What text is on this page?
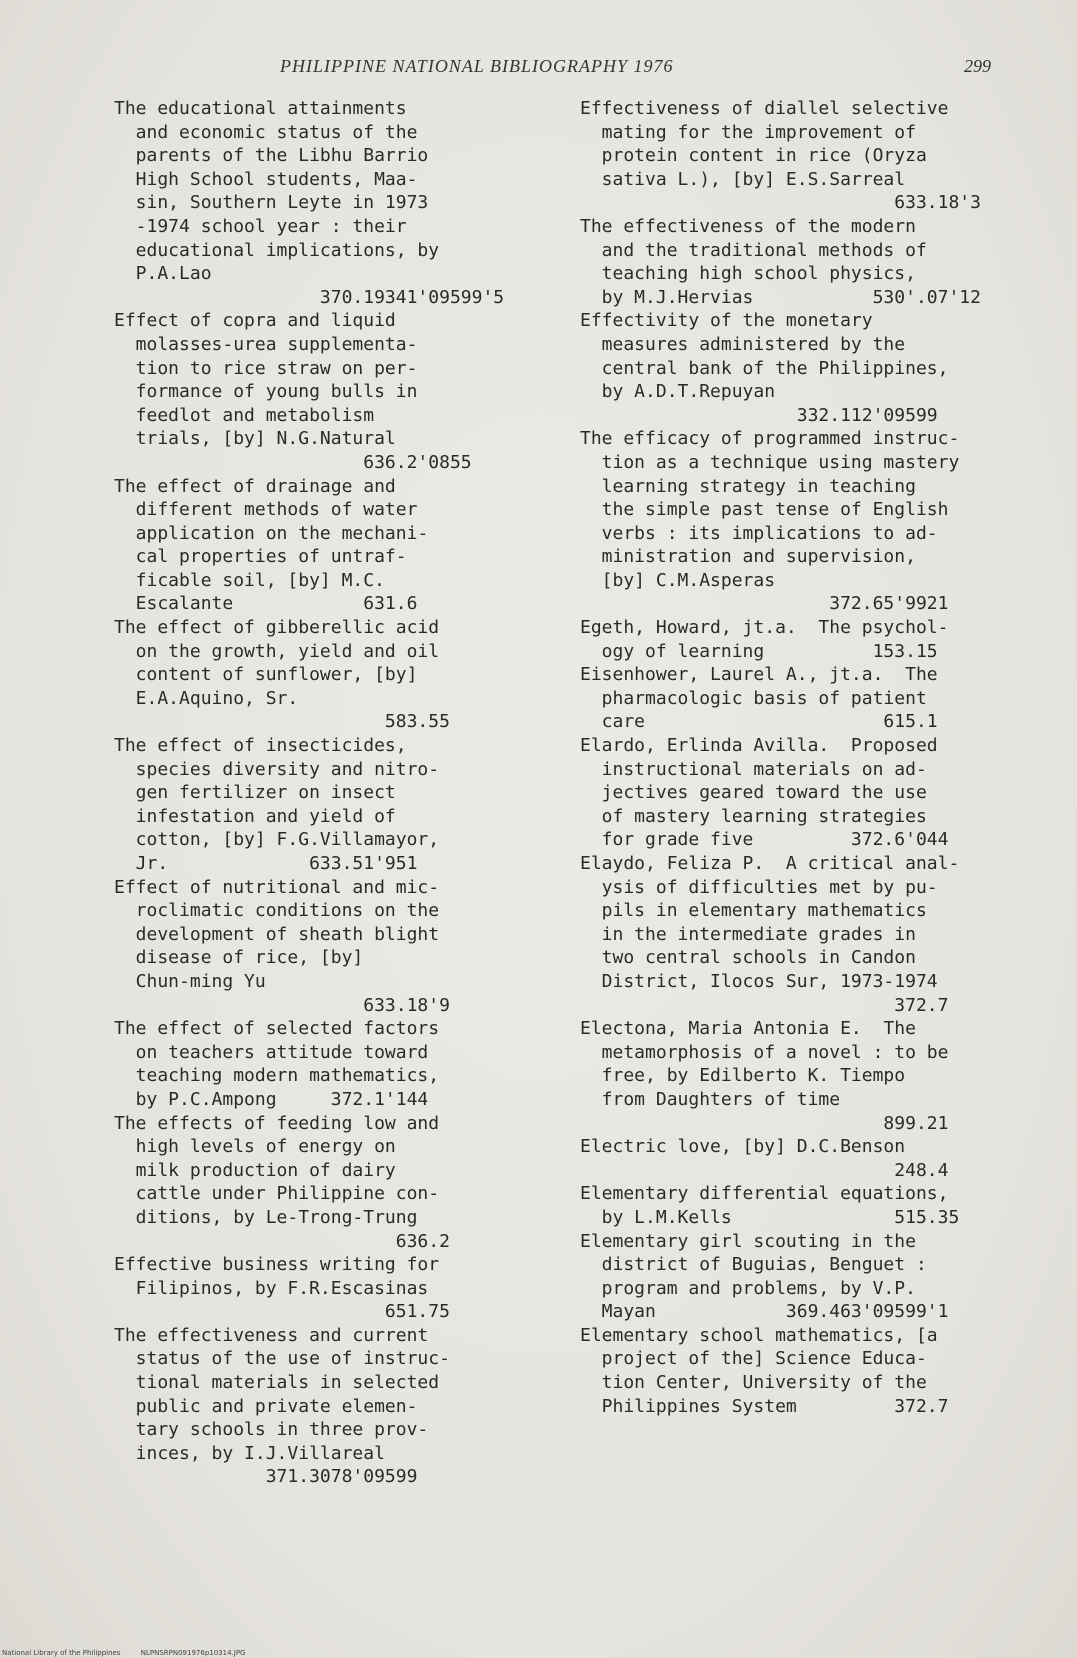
PHILIPPINE NATIONAL BIBLIOGRAPHY 1976	299
The educational attainments
and economic status of the
parents of the Libhu Barrio
High School students, Maa-
sin, Southern Leyte in 1973
-1974 school year : their
educational implications, by
P.A.Lao
370.19341'09599'5
Effect of copra and liquid
molasses-urea supplementa-
tion to rice straw on per-
formance of young bulls in
feedlot and metabolism
trials, [by] N.G.Natural
636.2'0855
The effect of drainage and
different methods of water
application on the mechani-
cal properties of untraf-
ficable soil, [by] M.C.
Escalante            631.6
The effect of gibberellic acid
on the growth, yield and oil
content of sunflower, [by]
E.A.Aquino, Sr.
583.55
The effect of insecticides,
species diversity and nitro-
gen fertilizer on insect
infestation and yield of
cotton, [by] F.G.Villamayor,
Jr.             633.51'951
Effect of nutritional and mic-
roclimatic conditions on the
development of sheath blight
disease of rice, [by]
Chun-ming Yu
633.18'9
The effect of selected factors
on teachers attitude toward
teaching modern mathematics,
by P.C.Ampong     372.1'144
The effects of feeding low and
high levels of energy on
milk production of dairy
cattle under Philippine con-
ditions, by Le-Trong-Trung
636.2
Effective business writing for
Filipinos, by F.R.Escasinas
651.75
The effectiveness and current
status of the use of instruc-
tional materials in selected
public and private elemen-
tary schools in three prov-
inces, by I.J.Villareal
371.3078'09599
Effectiveness of diallel selective
mating for the improvement of
protein content in rice (Oryza
sativa L.), [by] E.S.Sarreal
633.18'3
The effectiveness of the modern
and the traditional methods of
teaching high school physics,
by M.J.Hervias           530'.07'12
Effectivity of the monetary
measures administered by the
central bank of the Philippines,
by A.D.T.Repuyan
332.112'09599
The efficacy of programmed instruc-
tion as a technique using mastery
learning strategy in teaching
the simple past tense of English
verbs : its implications to ad-
ministration and supervision,
[by] C.M.Asperas
372.65'9921
Egeth, Howard, jt.a.  The psychol-
ogy of learning          153.15
Eisenhower, Laurel A., jt.a.  The
pharmacologic basis of patient
care                      615.1
Elardo, Erlinda Avilla.  Proposed
instructional materials on ad-
jectives geared toward the use
of mastery learning strategies
for grade five         372.6'044
Elaydo, Feliza P.  A critical anal-
ysis of difficulties met by pu-
pils in elementary mathematics
in the intermediate grades in
two central schools in Candon
District, Ilocos Sur, 1973-1974
372.7
Electona, Maria Antonia E.  The
metamorphosis of a novel : to be
free, by Edilberto K. Tiempo
from Daughters of time
899.21
Electric love, [by] D.C.Benson
248.4
Elementary differential equations,
by L.M.Kells               515.35
Elementary girl scouting in the
district of Buguias, Benguet :
program and problems, by V.P.
Mayan            369.463'09599'1
Elementary school mathematics, [a
project of the] Science Educa-
tion Center, University of the
Philippines System         372.7
National Library of the Philippines	NLPNSRPN091976p10314.JPG
